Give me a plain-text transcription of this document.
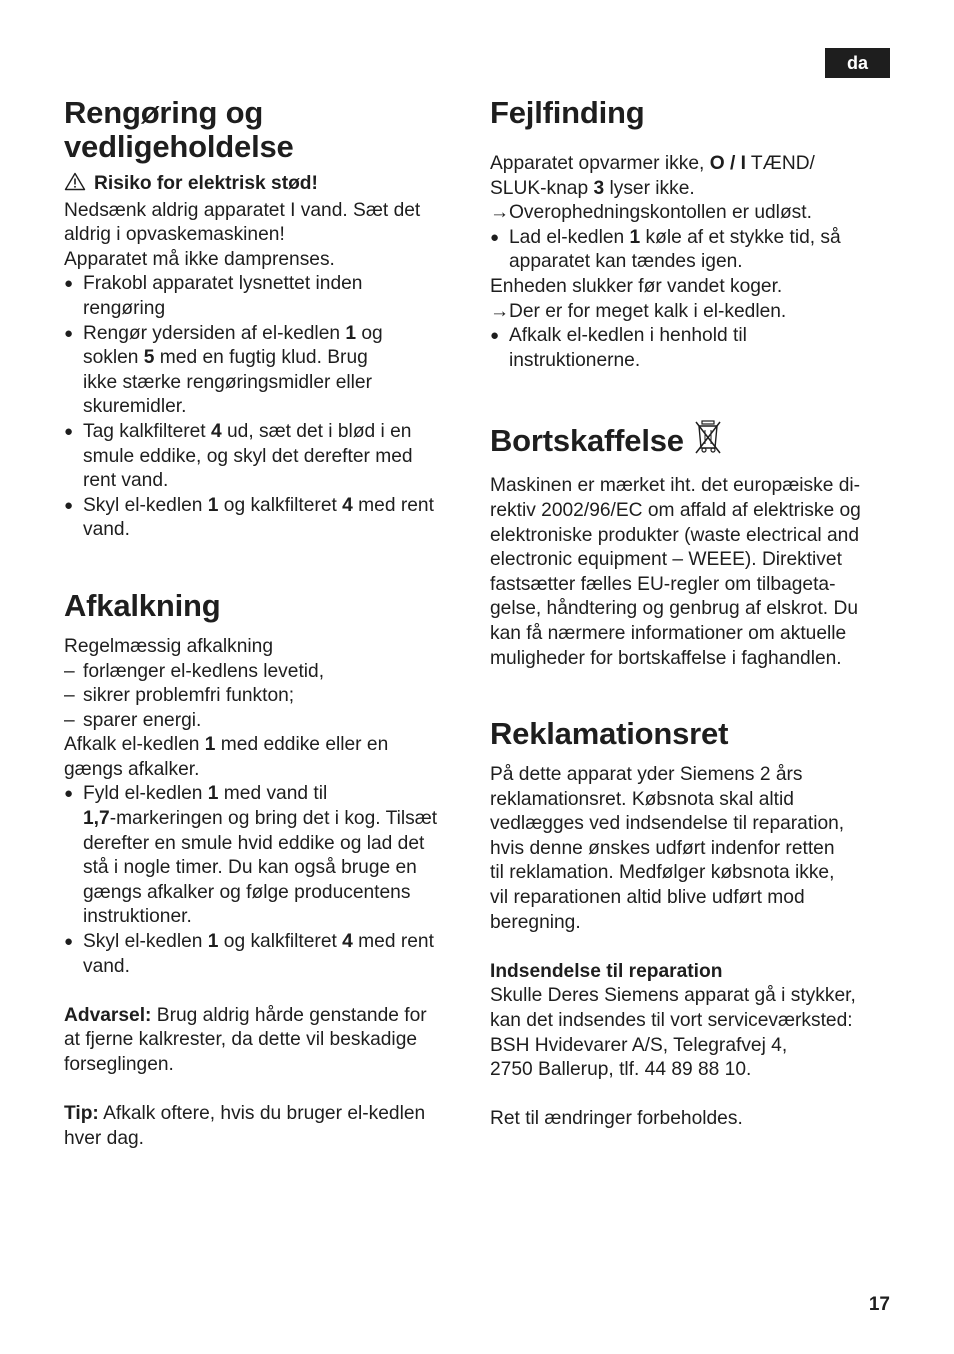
da
Rengøring og
vedligeholdelse

Risiko for elektrisk stød!

Nedsænk aldrig apparatet I vand. Sæt det
aldrig i opvaskemaskinen!

Apparatet må ikke damprenses.

● Frakobl apparatet lysnettet inden
rengøring
● Rengør ydersiden af el-kedlen 1 og
soklen 5 med en fugtig klud. Brug
ikke stærke rengøringsmidler eller
skuremidler.
● Tag kalkfilteret 4 ud, sæt det i blød i en
smule eddike, og skyl det derefter med
rent vand.
● Skyl el-kedlen 1 og kalkfilteret 4 med rent
vand.
Afkalkning

Regelmæssig afkalkning

– forlænger el-kedlens levetid,
– sikrer problemfri funkton;
– sparer energi.

Afkalk el-kedlen 1 med eddike eller en
gængs afkalker.

● Fyld el-kedlen 1 med vand til
1,7-markeringen og bring det i kog. Tilsæt
derefter en smule hvid eddike og lad det
stå i nogle timer. Du kan også bruge en
gængs afkalker og følge producentens
instruktioner.
● Skyl el-kedlen 1 og kalkfilteret 4 med rent
vand.

Advarsel: Brug aldrig hårde genstande for
at fjerne kalkrester, da dette vil beskadige
forseglingen.

Tip: Afkalk oftere, hvis du bruger el-kedlen
hver dag.

Fejlfinding

Apparatet opvarmer ikke, O / I TÆND/
SLUK-knap 3 lyser ikke.

→ Overophedningskontollen er udløst.
● Lad el-kedlen 1 køle af et stykke tid, så
apparatet kan tændes igen.

Enheden slukker før vandet koger.

→ Der er for meget kalk i el-kedlen.
● Afkalk el-kedlen i henhold til
instruktionerne.
Bortskaffelse

Maskinen er mærket iht. det europæiske di-
rektiv 2002/96/EC om affald af elektriske og
elektroniske produkter (waste electrical and
electronic equipment – WEEE). Direktivet
fastsætter fælles EU-regler om tilbageta-
gelse, håndtering og genbrug af elskrot. Du
kan få nærmere informationer om aktuelle
muligheder for bortskaffelse i faghandlen.

Reklamationsret

På dette apparat yder Siemens 2 års
reklamationsret. Købsnota skal altid
vedlægges ved indsendelse til reparation,
hvis denne ønskes udført indenfor retten
til reklamation. Medfølger købsnota ikke,
vil reparationen altid blive udført mod
beregning.

Indsendelse til reparation

Skulle Deres Siemens apparat gå i stykker,
kan det indsendes til vort serviceværksted:
BSH Hvidevarer A/S, Telegrafvej 4,
2750 Ballerup, tlf. 44 89 88 10.

Ret til ændringer forbeholdes.

17
